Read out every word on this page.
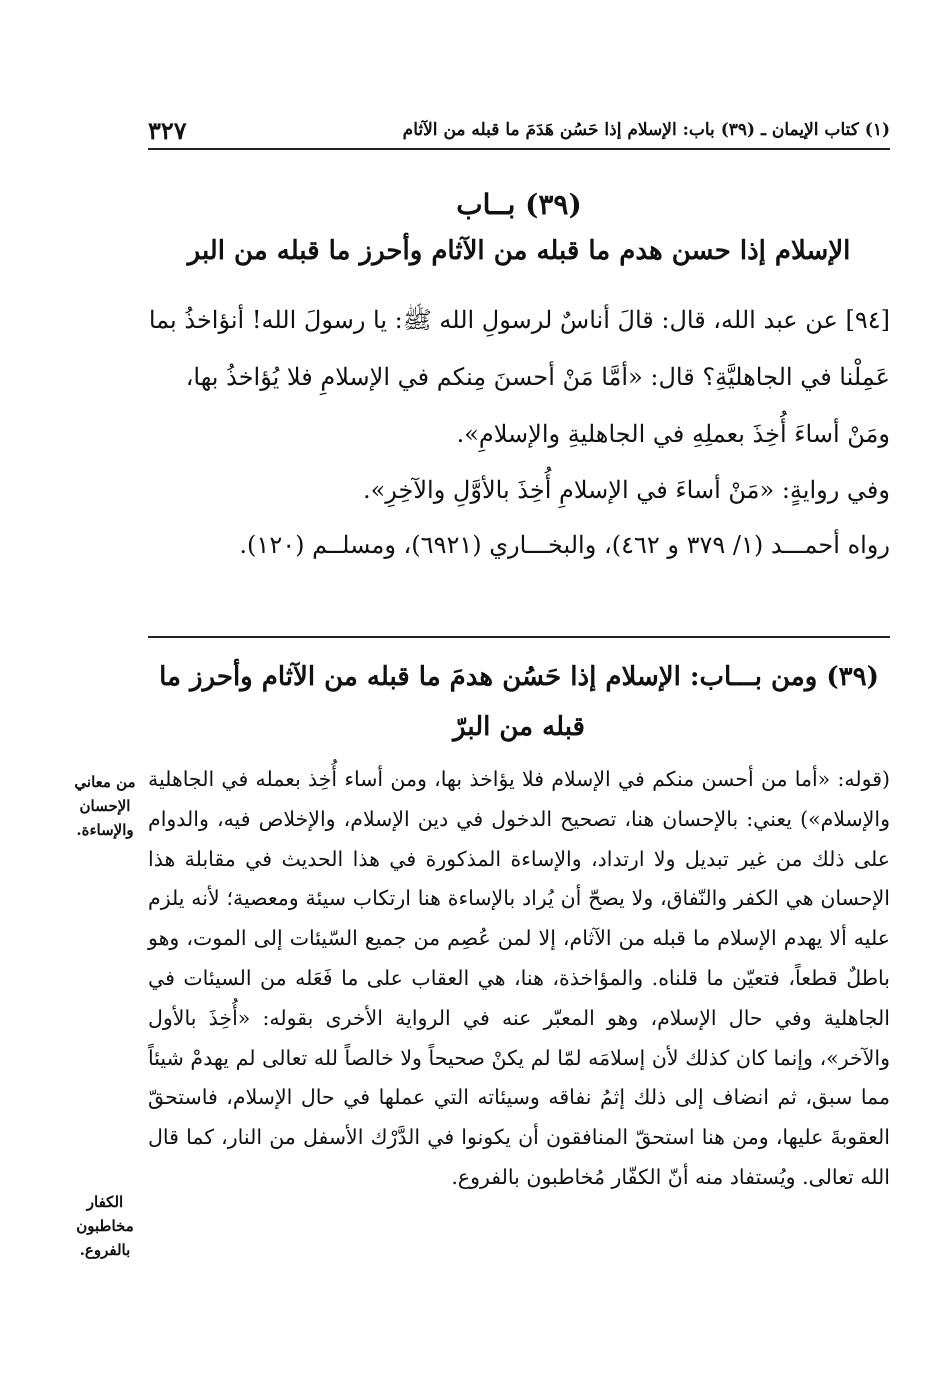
٣٢٧	(١) كتاب الإيمان ـ (٣٩) باب: الإسلام إذا حَسُن هَدَمَ ما قبله من الآثام
(٣٩) بــاب
الإسلام إذا حسن هدم ما قبله من الآثام وأحرز ما قبله من البر

[٩٤] عن عبد الله، قال: قالَ أناسٌ لرسولِ الله ﷺ: يا رسولَ الله! أنؤاخذُ بما عَمِلْنا في الجاهليَّةِ؟ قال: «أمَّا مَنْ أحسنَ مِنكم في الإسلامِ فلا يُؤاخذُ بها، ومَنْ أساءَ أُخِذَ بعملِهِ في الجاهليةِ والإسلامِ».

وفي روايةٍ: «مَنْ أساءَ في الإسلامِ أُخِذَ بالأوَّلِ والآخِرِ».

رواه أحمـــد (١/ ٣٧٩ و ٤٦٢)، والبخـــاري (٦٩٢١)، ومسلــم (١٢٠).

(٣٩) ومن بـــاب: الإسلام إذا حَسُن هدمَ ما قبله من الآثام وأحرز ما قبله من البرّ
(قوله: «أما من أحسن منكم في الإسلام فلا يؤاخذ بها، ومن أساء أُخِذ بعمله في الجاهلية والإسلام») يعني: بالإحسان هنا، تصحيح الدخول في دين الإسلام، والإخلاص فيه، والدوام على ذلك من غير تبديل ولا ارتداد، والإساءة المذكورة في هذا الحديث في مقابلة هذا الإحسان هي الكفر والنّفاق، ولا يصحّ أن يُراد بالإساءة هنا ارتكاب سيئة ومعصية؛ لأنه يلزم عليه ألا يهدم الإسلام ما قبله من الآثام، إلا لمن عُصِم من جميع السّيئات إلى الموت، وهو باطلٌ قطعاً، فتعيّن ما قلناه. والمؤاخذة، هنا، هي العقاب على ما فَعَله من السيئات في الجاهلية وفي حال الإسلام، وهو المعبّر عنه في الرواية الأخرى بقوله: «أُخِذَ بالأول والآخر»، وإنما كان كذلك لأن إسلامَه لمّا لم يكنْ صحيحاً ولا خالصاً لله تعالى لم يهدمْ شيئاً مما سبق، ثم انضاف إلى ذلك إثمُ نفاقه وسيئاته التي عملها في حال الإسلام، فاستحقّ العقوبةَ عليها، ومن هنا استحقّ المنافقون أن يكونوا في الدَّرْك الأسفل من النار، كما قال الله تعالى. ويُستفاد منه أنّ الكفّار مُخاطبون بالفروع.
من معاني الإحسان والإساءة.
الكفار مخاطبون بالفروع.
